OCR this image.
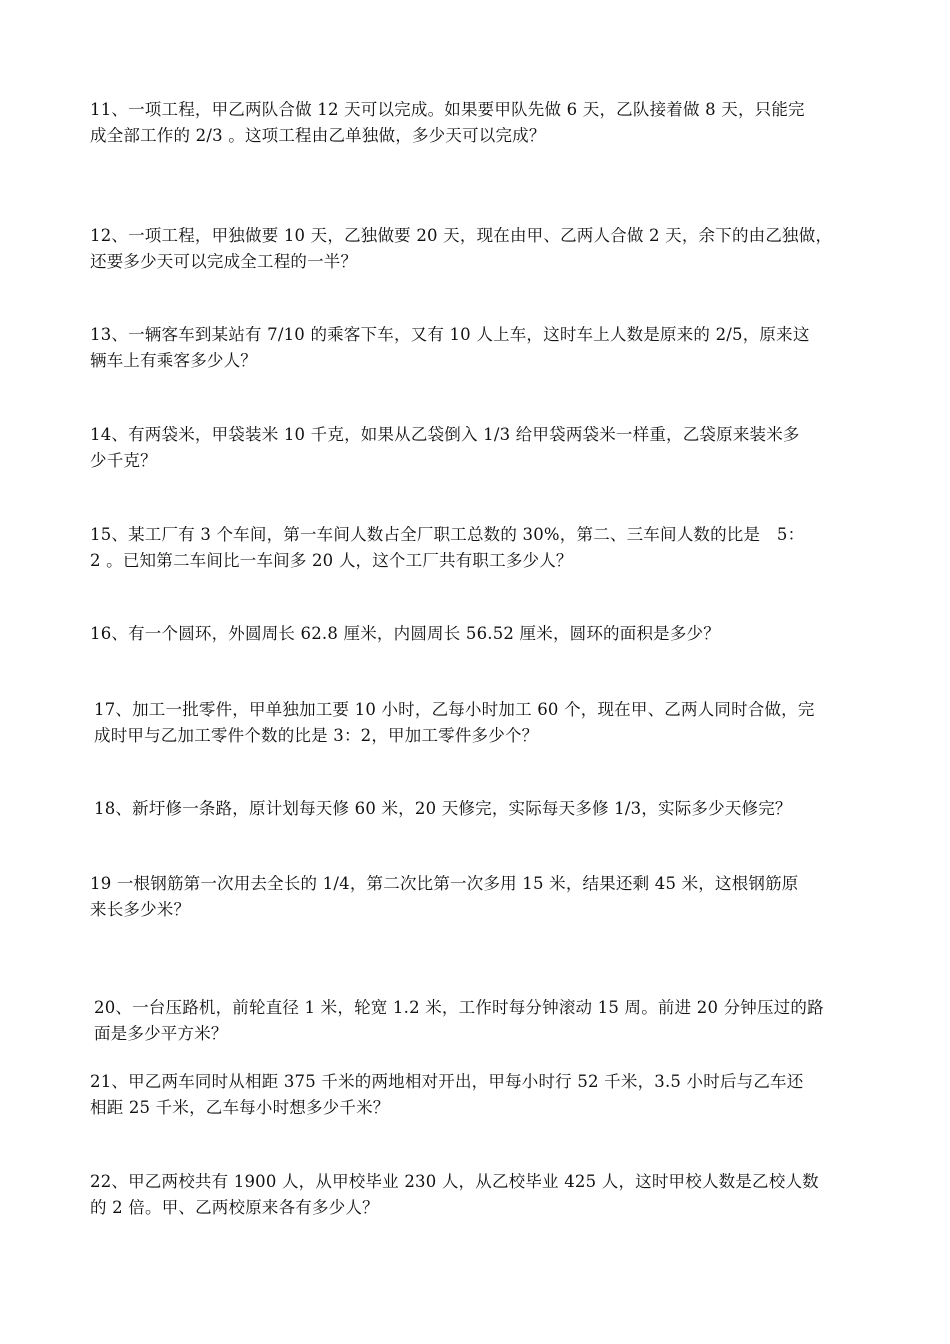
11、一项工程，甲乙两队合做 12 天可以完成。如果要甲队先做 6 天，乙队接着做 8 天，只能完
成全部工作的 2/3 。这项工程由乙单独做，多少天可以完成？
12、一项工程，甲独做要 10 天，乙独做要 20 天，现在由甲、乙两人合做 2 天，余下的由乙独做，
还要多少天可以完成全工程的一半？
13、一辆客车到某站有 7/10 的乘客下车，又有 10 人上车，这时车上人数是原来的 2/5，原来这
辆车上有乘客多少人？
14、有两袋米，甲袋装米 10 千克，如果从乙袋倒入 1/3 给甲袋两袋米一样重，乙袋原来装米多
少千克？
15、某工厂有 3 个车间，第一车间人数占全厂职工总数的 30%，第二、三车间人数的比是　5：
2 。已知第二车间比一车间多 20 人，这个工厂共有职工多少人？
16、有一个圆环，外圆周长 62.8 厘米，内圆周长 56.52 厘米，圆环的面积是多少？
17、加工一批零件，甲单独加工要 10 小时，乙每小时加工 60 个，现在甲、乙两人同时合做，完
成时甲与乙加工零件个数的比是 3：2，甲加工零件多少个？
18、新圩修一条路，原计划每天修 60 米，20 天修完，实际每天多修 1/3，实际多少天修完？
19 一根钢筋第一次用去全长的 1/4，第二次比第一次多用 15 米，结果还剩 45 米，这根钢筋原
来长多少米？
20、一台压路机，前轮直径 1 米，轮宽 1.2 米，工作时每分钟滚动 15 周。前进 20 分钟压过的路
面是多少平方米？
21、甲乙两车同时从相距 375 千米的两地相对开出，甲每小时行 52 千米，3.5 小时后与乙车还
相距 25 千米，乙车每小时想多少千米？
22、甲乙两校共有 1900 人，从甲校毕业 230 人，从乙校毕业 425 人，这时甲校人数是乙校人数
的 2 倍。甲、乙两校原来各有多少人？
